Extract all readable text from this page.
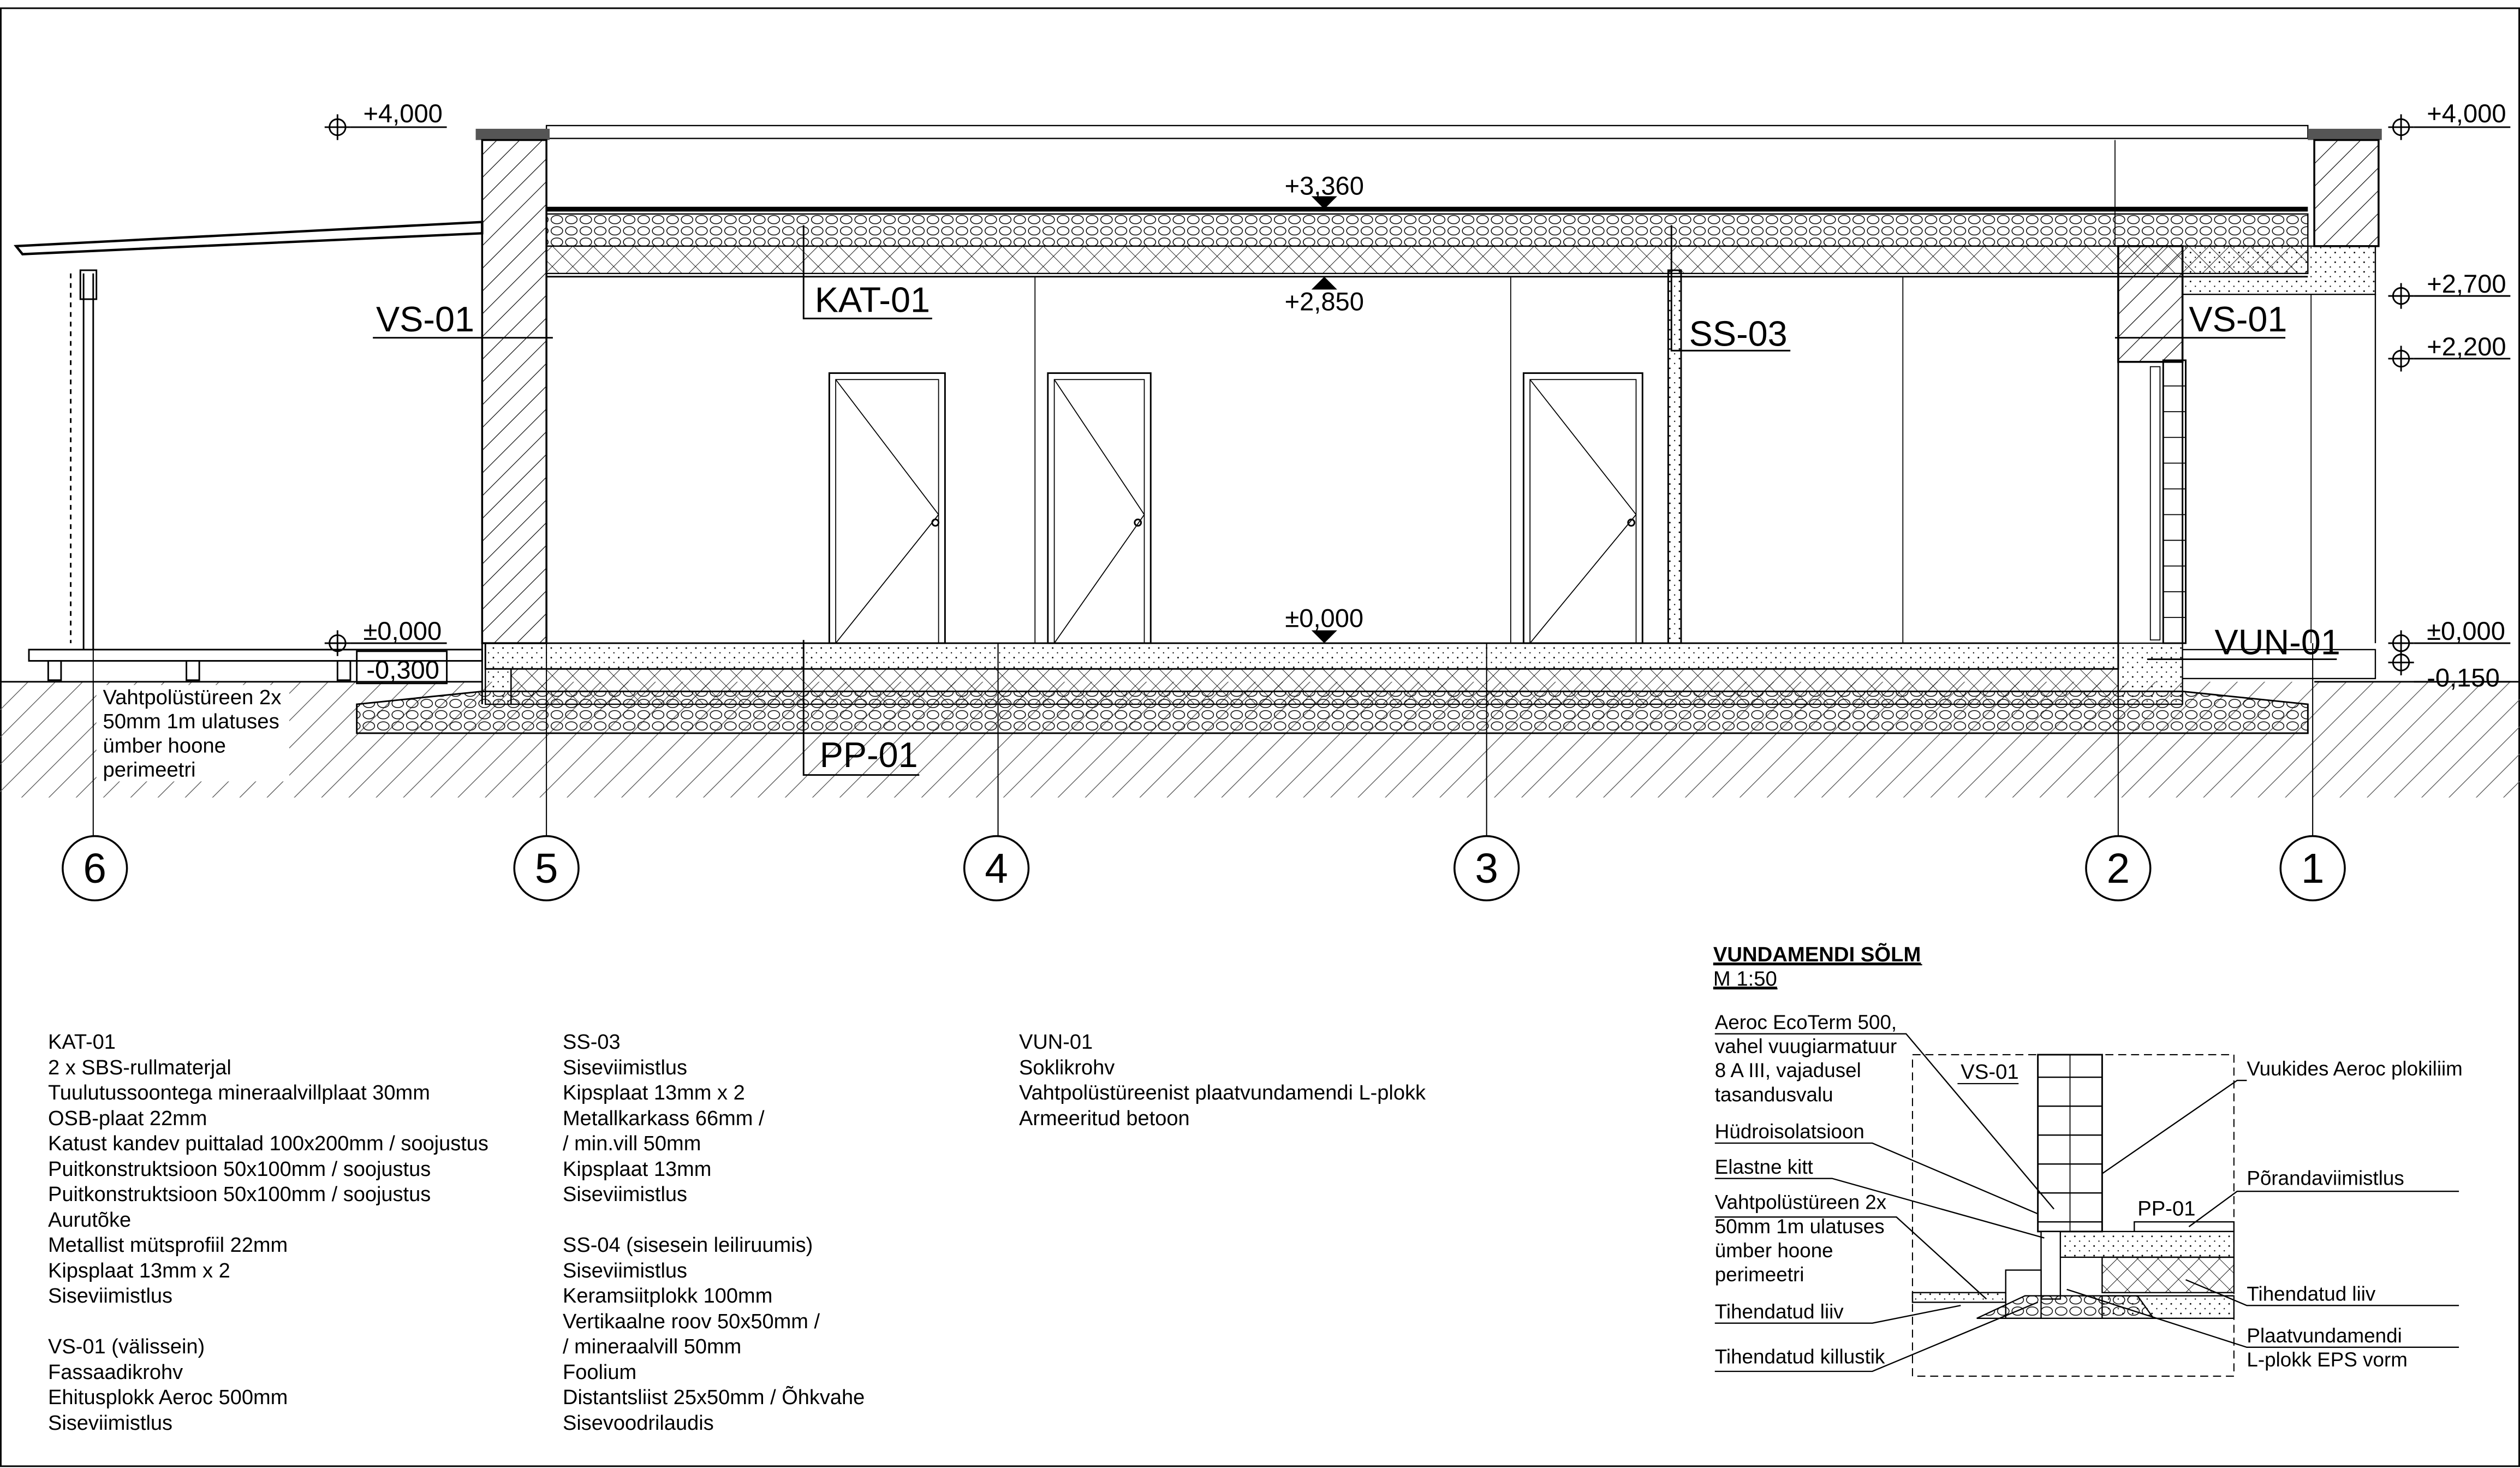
6	5	4	3	2	1
+4,000	+4,000
+3,360
+2,850
+2,700
+2,200
±0,000	±0,000	±0,000
-0,300	-0,150
VS-01	KAT-01
SS-03	VS-01
PP-01
VUN-01
Vahtpolüstüreen 2x 50mm 1m ulatuses ümber hoone perimeetri
VUNDAMENDI SÕLM
M 1:50
VS-01
PP-01
Aeroc EcoTerm 500, vahel vuugiarmatuur 8 A III, vajadusel tasandusvalu
Hüdroisolatsioon
Elastne kitt
Vahtpolüstüreen 2x 50mm 1m ulatuses ümber hoone perimeetri
Tihendatud liiv
Tihendatud killustik
Vuukides Aeroc plokiliim
Põrandaviimistlus
Tihendatud liiv
Plaatvundamendi L-plokk EPS vorm
KAT-01
2 x SBS-rullmaterjal
Tuulutussoontega mineraalvillplaat 30mm
OSB-plaat 22mm
Katust kandev puittalad 100x200mm / soojustus
Puitkonstruktsioon 50x100mm / soojustus
Puitkonstruktsioon 50x100mm / soojustus
Aurutõke
Metallist mütsprofiil 22mm
Kipsplaat 13mm x 2
Siseviimistlus
VS-01 (välissein)
Fassaadikrohv
Ehitusplokk Aeroc 500mm
Siseviimistlus
SS-03
Siseviimistlus
Kipsplaat 13mm x 2
Metallkarkass 66mm /
/ min.vill 50mm
Kipsplaat 13mm
Siseviimistlus
SS-04 (sisesein leiliruumis)
Siseviimistlus
Keramsiitplokk 100mm
Vertikaalne roov 50x50mm /
/ mineraalvill 50mm
Foolium
Distantsliist 25x50mm / Õhkvahe
Sisevoodrilaudis
VUN-01
Soklikrohv
Vahtpolüstüreenist plaatvundamendi L-plokk
Armeeritud betoon
